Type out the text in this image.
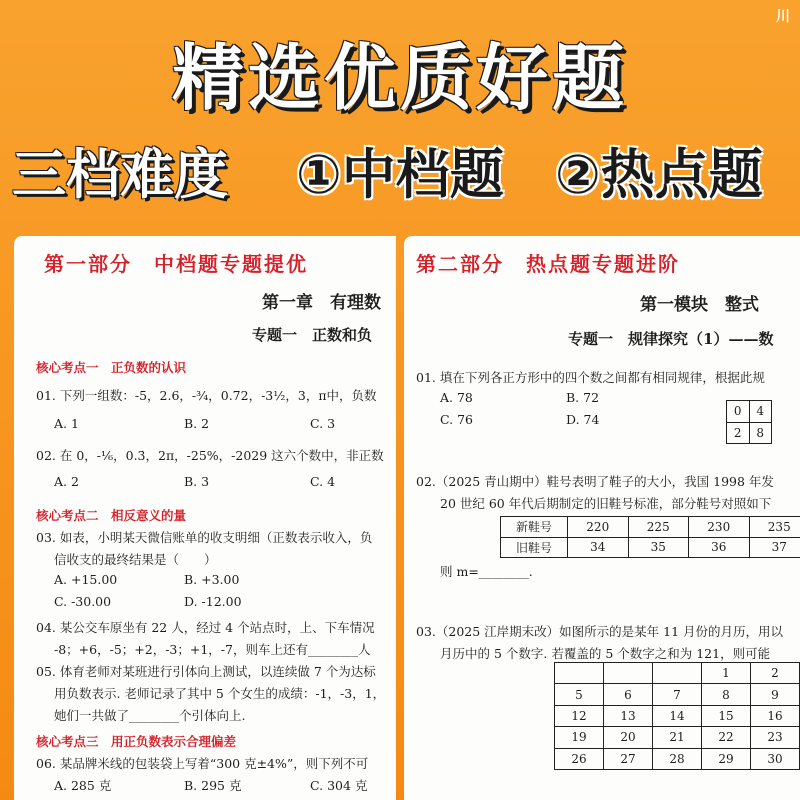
川
精选优质好题
三档难度 ①中档题 ②热点题
第一部分　中档题专题提优
第一章　有理数
专题一　正数和负
核心考点一　正负数的认识
01. 下列一组数：-5，2.6，-¾，0.72，-3½，3，π中，负数
A. 1	B. 2	C. 3
02. 在 0，-⅙，0.3̇，2π，-25%，-2029 这六个数中，非正数
A. 2	B. 3	C. 4
核心考点二　相反意义的量
03. 如表，小明某天微信账单的收支明细（正数表示收入，负
信收支的最终结果是（　　）
A. +15.00	B. +3.00
C. -30.00	D. -12.00
04. 某公交车原坐有 22 人，经过 4 个站点时，上、下车情况
-8；+6，-5；+2，-3；+1，-7，则车上还有________人
05. 体育老师对某班进行引体向上测试，以连续做 7 个为达标
用负数表示. 老师记录了其中 5 个女生的成绩：-1，-3，1，
她们一共做了________个引体向上.
核心考点三　用正负数表示合理偏差
06. 某品牌米线的包装袋上写着“300 克±4%”，则下列不可
A. 285 克	B. 295 克	C. 304 克
第二部分　热点题专题进阶
第一模块　整式
专题一　规律探究（1）——数
01. 填在下列各正方形中的四个数之间都有相同规律，根据此规
A. 78	B. 72
C. 76	D. 74
0	4
2	8
02.（2025 青山期中）鞋号表明了鞋子的大小，我国 1998 年发
20 世纪 60 年代后期制定的旧鞋号标准，部分鞋号对照如下
新鞋号	220	225	230	235
旧鞋号	34	35	36	37
则 m=________.
03.（2025 江岸期末改）如图所示的是某年 11 月份的月历，用以
月历中的 5 个数字. 若覆盖的 5 个数字之和为 121，则可能
			1	2
5	6	7	8	9
12	13	14	15	16
19	20	21	22	23
26	27	28	29	30
